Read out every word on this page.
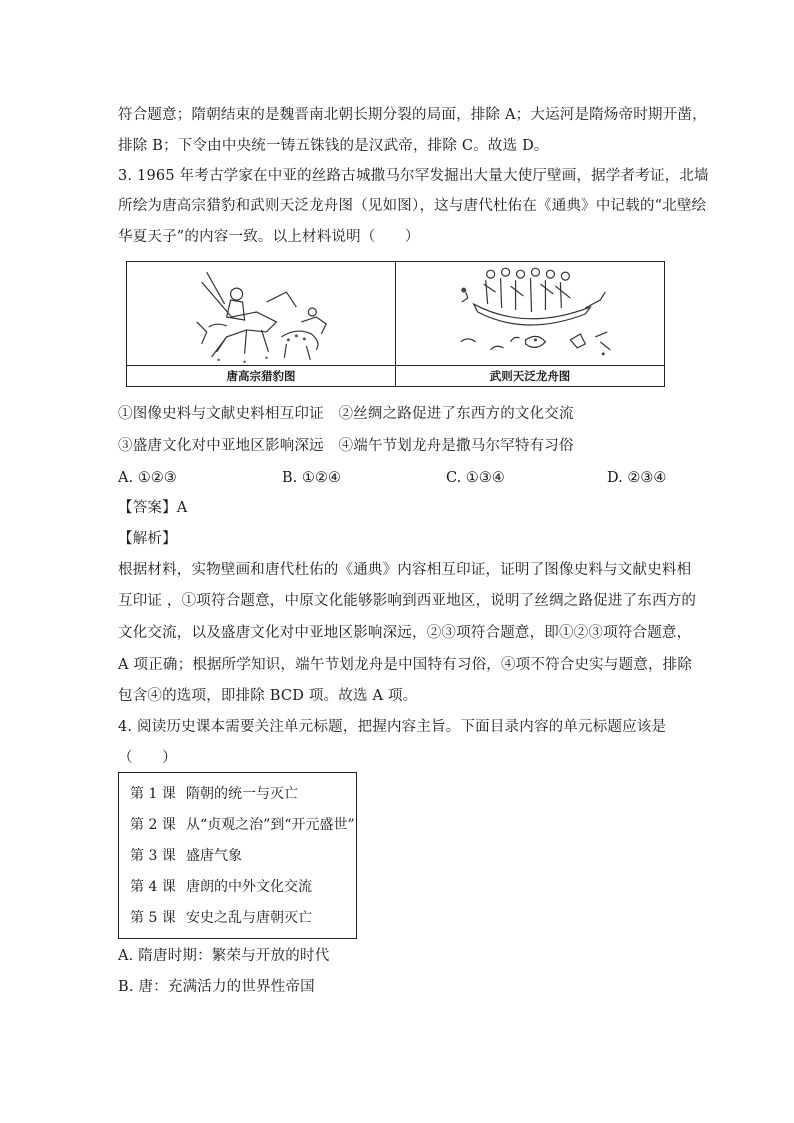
符合题意；隋朝结束的是魏晋南北朝长期分裂的局面，排除 A；大运河是隋炀帝时期开凿，
排除 B；下令由中央统一铸五铢钱的是汉武帝，排除 C。故选 D。
3. 1965 年考古学家在中亚的丝路古城撒马尔罕发掘出大量大使厅壁画，据学者考证，北墙
所绘为唐高宗猎豹和武则天泛龙舟图（见如图），这与唐代杜佑在《通典》中记载的“北壁绘
华夏天子”的内容一致。以上材料说明（　　）
唐高宗猎豹图	武则天泛龙舟图
①图像史料与文献史料相互印证　②丝绸之路促进了东西方的文化交流
③盛唐文化对中亚地区影响深远　④端午节划龙舟是撒马尔罕特有习俗
A. ①②③	B. ①②④	C. ①③④	D. ②③④
【答案】A
【解析】
根据材料，实物壁画和唐代杜佑的《通典》内容相互印证，证明了图像史料与文献史料相
互印证 ，①项符合题意，中原文化能够影响到西亚地区，说明了丝绸之路促进了东西方的
文化交流，以及盛唐文化对中亚地区影响深远，②③项符合题意，即①②③项符合题意，
A 项正确；根据所学知识，端午节划龙舟是中国特有习俗，④项不符合史实与题意，排除
包含④的选项，即排除 BCD 项。故选 A 项。
4. 阅读历史课本需要关注单元标题，把握内容主旨。下面目录内容的单元标题应该是
（　　）
第 1 课 隋朝的统一与灭亡
第 2 课 从“贞观之治”到“开元盛世”
第 3 课 盛唐气象
第 4 课 唐朗的中外文化交流
第 5 课 安史之乱与唐朝灭亡
A. 隋唐时期：繁荣与开放的时代
B. 唐：充满活力的世界性帝国
